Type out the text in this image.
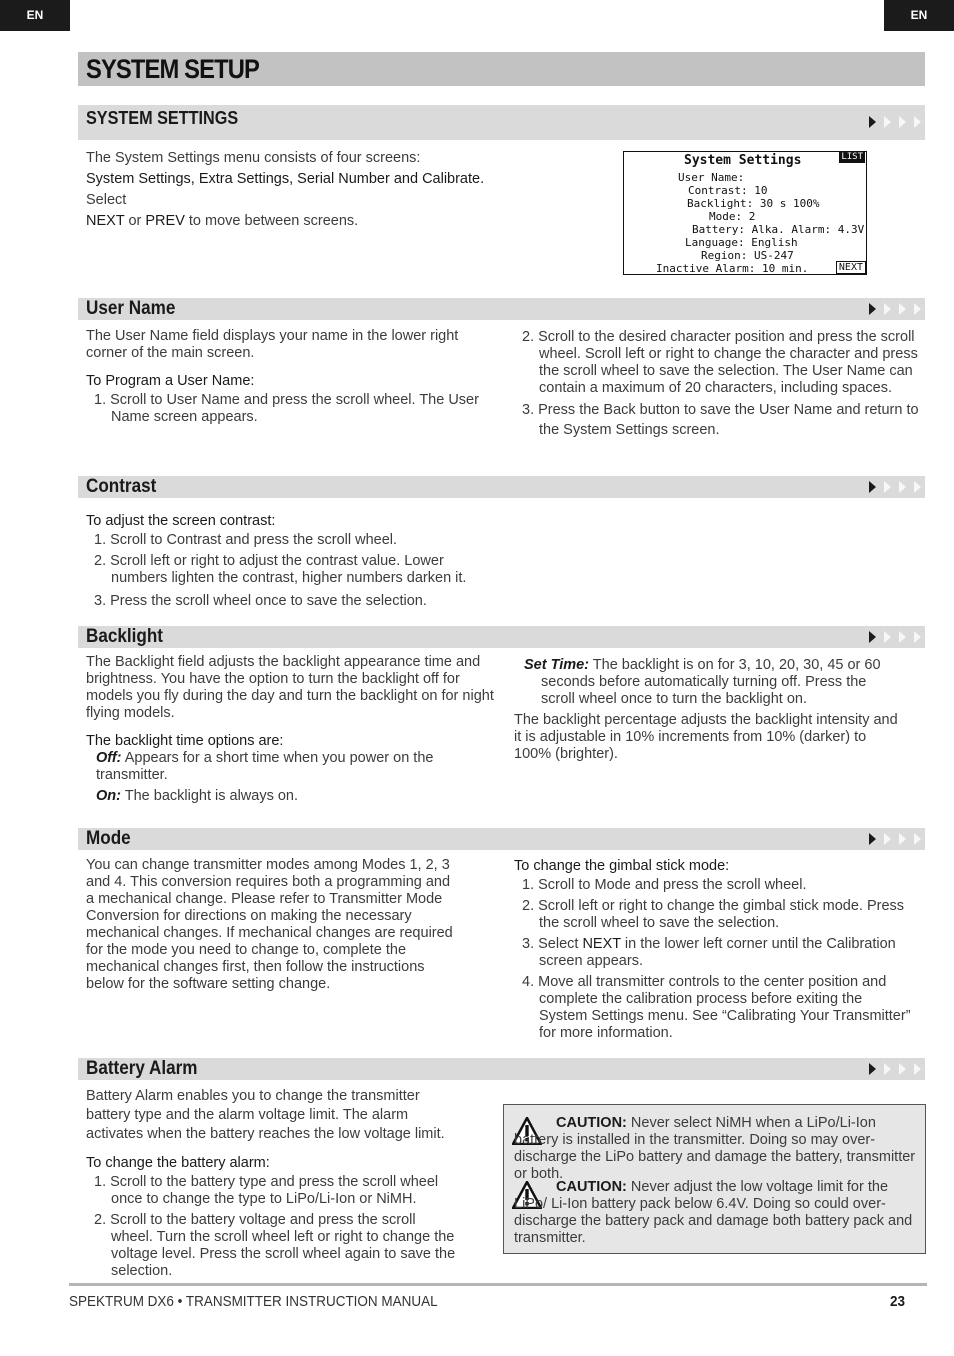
EN	EN
SYSTEM SETUP
SYSTEM SETTINGS

The System Settings menu consists of four screens:

System Settings, Extra Settings, Serial Number and Calibrate.

Select

NEXT or PREV to move between screens.

System Settings	LIST
User Name:
Contrast: 10
Backlight: 30 s 100%
Mode: 2
Battery: Alka. Alarm: 4.3V
Language: English
Region: US-247
Inactive Alarm: 10 min.	NEXT
User Name

The User Name field displays your name in the lower right corner of the main screen.

To Program a User Name:

1. Scroll to User Name and press the scroll wheel. The User Name screen appears.

2. Scroll to the desired character position and press the scroll wheel. Scroll left or right to change the character and press the scroll wheel to save the selection. The User Name can contain a maximum of 20 characters, including spaces.

3. Press the Back button to save the User Name and return to the System Settings screen.

Contrast

To adjust the screen contrast:

1. Scroll to Contrast and press the scroll wheel.

2. Scroll left or right to adjust the contrast value. Lower numbers lighten the contrast, higher numbers darken it.

3. Press the scroll wheel once to save the selection.

Backlight

The Backlight field adjusts the backlight appearance time and brightness. You have the option to turn the backlight off for models you fly during the day and turn the backlight on for night flying models.

The backlight time options are:

Off: Appears for a short time when you power on the transmitter.

On: The backlight is always on.

Set Time: The backlight is on for 3, 10, 20, 30, 45 or 60 seconds before automatically turning off. Press the scroll wheel once to turn the backlight on.

The backlight percentage adjusts the backlight intensity and it is adjustable in 10% increments from 10% (darker) to 100% (brighter).

Mode

You can change transmitter modes among Modes 1, 2, 3 and 4. This conversion requires both a programming and a mechanical change. Please refer to Transmitter Mode Conversion for directions on making the necessary mechanical changes. If mechanical changes are required for the mode you need to change to, complete the mechanical changes first, then follow the instructions below for the software setting change.

To change the gimbal stick mode:

1. Scroll to Mode and press the scroll wheel.

2. Scroll left or right to change the gimbal stick mode. Press the scroll wheel to save the selection.

3. Select NEXT in the lower left corner until the Calibration screen appears.

4. Move all transmitter controls to the center position and complete the calibration process before exiting the System Settings menu. See “Calibrating Your Transmitter” for more information.

Battery Alarm

Battery Alarm enables you to change the transmitter battery type and the alarm voltage limit. The alarm activates when the battery reaches the low voltage limit.

To change the battery alarm:

1. Scroll to the battery type and press the scroll wheel once to change the type to LiPo/Li-Ion or NiMH.

2. Scroll to the battery voltage and press the scroll wheel. Turn the scroll wheel left or right to change the voltage level. Press the scroll wheel again to save the selection.

CAUTION: Never select NiMH when a LiPo/Li-Ion battery is installed in the transmitter. Doing so may over-discharge the LiPo battery and damage the battery, transmitter or both.

CAUTION: Never adjust the low voltage limit for the LiPo/ Li-Ion battery pack below 6.4V. Doing so could over-discharge the battery pack and damage both battery pack and transmitter.

SPEKTRUM DX6 • TRANSMITTER INSTRUCTION MANUAL	23
